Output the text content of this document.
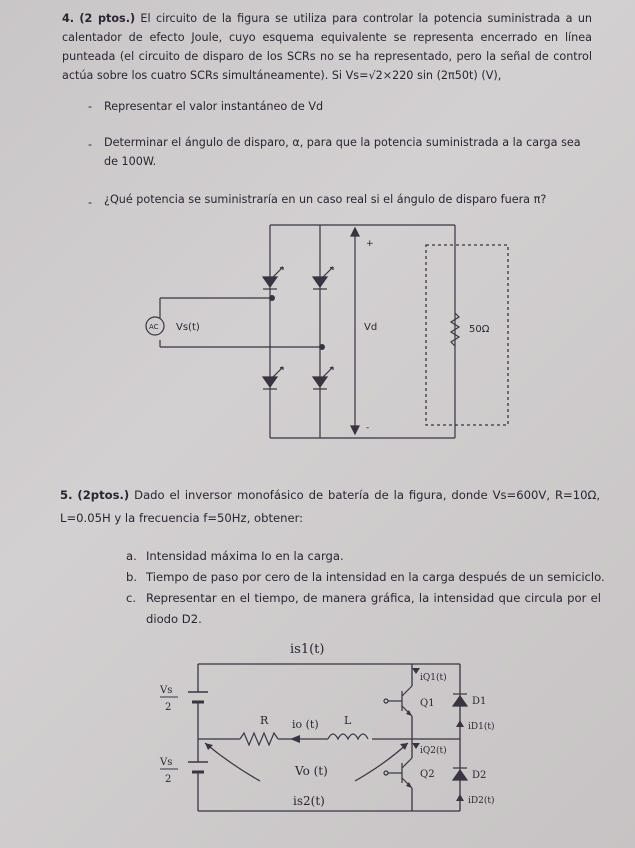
4. (2 ptos.) El circuito de la figura se utiliza para controlar la potencia suministrada a un calentador de efecto Joule, cuyo esquema equivalente se representa encerrado en línea punteada (el circuito de disparo de los SCRs no se ha representado, pero la señal de control actúa sobre los cuatro SCRs simultáneamente). Si Vs=√2×220 sin (2π50t) (V),
- Representar el valor instantáneo de Vd
- Determinar el ángulo de disparo, α, para que la potencia suministrada a la carga sea de 100W.
- ¿Qué potencia se suministraría en un caso real si el ángulo de disparo fuera π?
AC Vs(t)
+
-
Vd	50Ω
5. (2ptos.) Dado el inversor monofásico de batería de la figura, donde Vs=600V, R=10Ω, L=0.05H y la frecuencia f=50Hz, obtener:
a. Intensidad máxima Io en la carga.
b. Tiempo de paso por cero de la intensidad en la carga después de un semiciclo.
c. Representar en el tiempo, de manera gráfica, la intensidad que circula por el diodo D2.
Vs
2
Vs
2
is1(t)
is2(t)
R	L
io (t)
Vo (t)
iQ1(t)
Q1
iQ2(t)
Q2
D1
iD1(t)
D2
iD2(t)
